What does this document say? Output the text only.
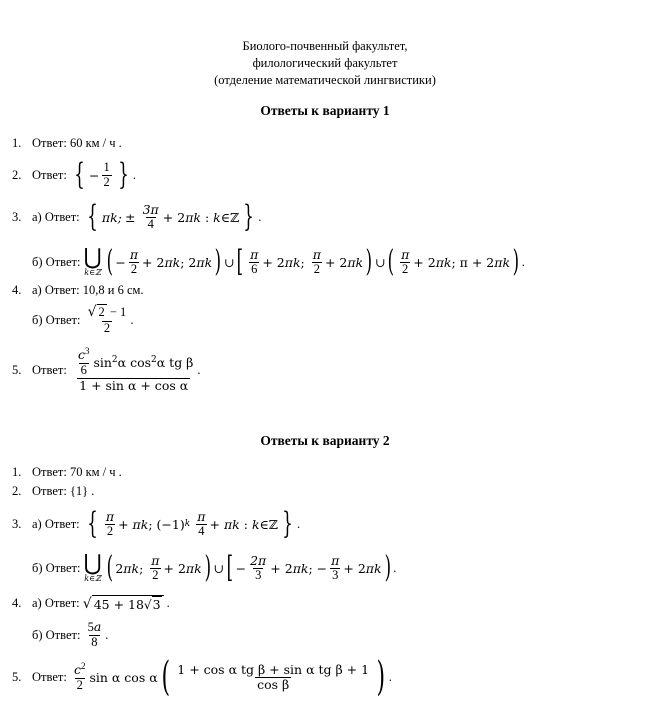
Биолого-почвенный факультет,
филологический факультет
(отделение математической лингвистики)
Ответы к варианту 1
1. Ответ:
60 км / ч .
2. Ответ:
{ − $\frac{1}{2}$ } .
3. а) Ответ:
{ πk;
±
$\frac{3\pi}{4} + 2$ πk : k ∈ℤ } .
б) Ответ:
⋃
k∈ℤ ( − $\frac{\pi}{2} + 2$ πk ; 2 πk ) ∪ [ $\frac{\pi}{6} + 2$ πk ; $\frac{\pi}{2} + 2$ πk ) ∪ ( $\frac{\pi}{2} + 2$ πk ; π + 2 πk ) .
4. а) Ответ:
10,8 и 6 см.
б) Ответ:
$\frac{√ 2 - 1}{2}$ .
5. Ответ:
$\frac{\frac{c^3}{6} \sin^2\alpha \cos^2\alpha tg \beta}{\text{1 + sin α + cos α}}$ .
Ответы к варианту 2
1. Ответ:
70 км / ч .
2. Ответ:
{1} .
3. а) Ответ:
{ $\frac{\pi}{2} + \pi k$ ; (−1) k
$\frac{\pi}{4} + \pi k$ : k ∈ℤ } .
б) Ответ:
⋃
k∈ℤ ( 2 πk ; $\frac{\pi}{2} + 2$ πk ) ∪ [ − $\frac{2\pi}{3} + 2$ πk ; − $\frac{\pi}{3} + 2$ πk ) .
4. а) Ответ:
√ 45 + 18√3
.
б) Ответ:
$\frac{5a}{8}$ .
5. Ответ:
$\frac{c^2}{2}$ sin α cos α ( $\frac{\text{1 + cos α tg β + sin α tg β + 1}}{\text{cos β}}$ ) .
